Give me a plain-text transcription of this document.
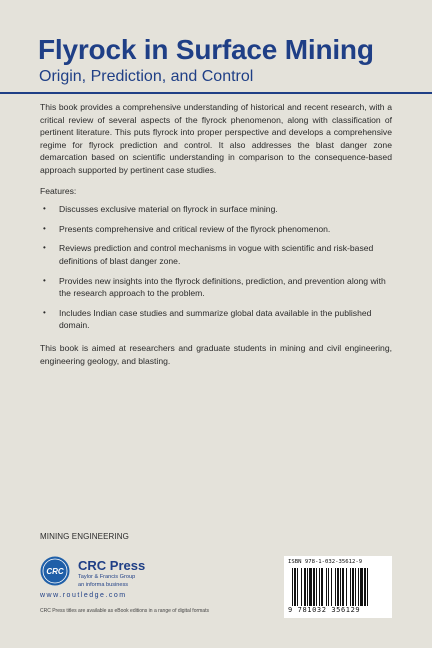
Flyrock in Surface Mining
Origin, Prediction, and Control

This book provides a comprehensive understanding of historical and recent research, with a critical review of several aspects of the flyrock phenomenon, along with classification of pertinent literature. This puts flyrock into proper perspective and develops a comprehensive regime for flyrock prediction and control. It also addresses the blast danger zone demarcation based on scientific understanding in comparison to the consequence-based approach supported by pertinent case studies.

Features:

• Discusses exclusive material on flyrock in surface mining.
• Presents comprehensive and critical review of the flyrock phenomenon.
• Reviews prediction and control mechanisms in vogue with scientific and risk-based definitions of blast danger zone.
• Provides new insights into the flyrock definitions, prediction, and prevention along with the research approach to the problem.
• Includes Indian case studies and summarize global data available in the published domain.

This book is aimed at researchers and graduate students in mining and civil engineering, engineering geology, and blasting.

MINING ENGINEERING
CRC CRC Press
Taylor & Francis Group
an informa business
www.routledge.com
CRC Press titles are available as eBook editions in a range of digital formats
ISBN 978-1-032-35612-9
9 781032 356129
